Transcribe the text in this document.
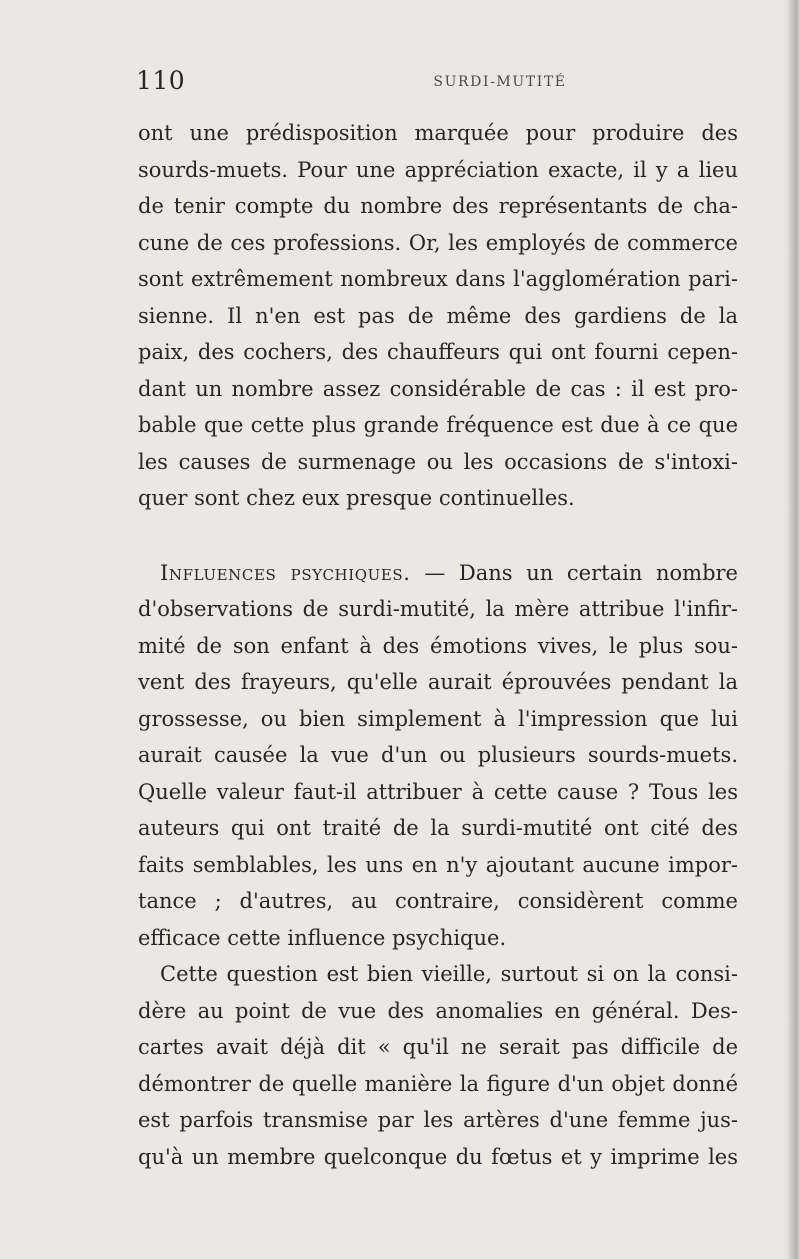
110	SURDI-MUTITÉ
ont une prédisposition marquée pour produire des
sourds-muets. Pour une appréciation exacte, il y a lieu
de tenir compte du nombre des représentants de cha-
cune de ces professions. Or, les employés de commerce
sont extrêmement nombreux dans l'agglomération pari-
sienne. Il n'en est pas de même des gardiens de la
paix, des cochers, des chauffeurs qui ont fourni cepen-
dant un nombre assez considérable de cas : il est pro-
bable que cette plus grande fréquence est due à ce que
les causes de surmenage ou les occasions de s'intoxi-
quer sont chez eux presque continuelles.
Influences psychiques. — Dans un certain nombre
d'observations de surdi-mutité, la mère attribue l'infir-
mité de son enfant à des émotions vives, le plus sou-
vent des frayeurs, qu'elle aurait éprouvées pendant la
grossesse, ou bien simplement à l'impression que lui
aurait causée la vue d'un ou plusieurs sourds-muets.
Quelle valeur faut-il attribuer à cette cause ? Tous les
auteurs qui ont traité de la surdi-mutité ont cité des
faits semblables, les uns en n'y ajoutant aucune impor-
tance ; d'autres, au contraire, considèrent comme
efficace cette influence psychique.
Cette question est bien vieille, surtout si on la consi-
dère au point de vue des anomalies en général. Des-
cartes avait déjà dit « qu'il ne serait pas difficile de
démontrer de quelle manière la figure d'un objet donné
est parfois transmise par les artères d'une femme jus-
qu'à un membre quelconque du fœtus et y imprime les
